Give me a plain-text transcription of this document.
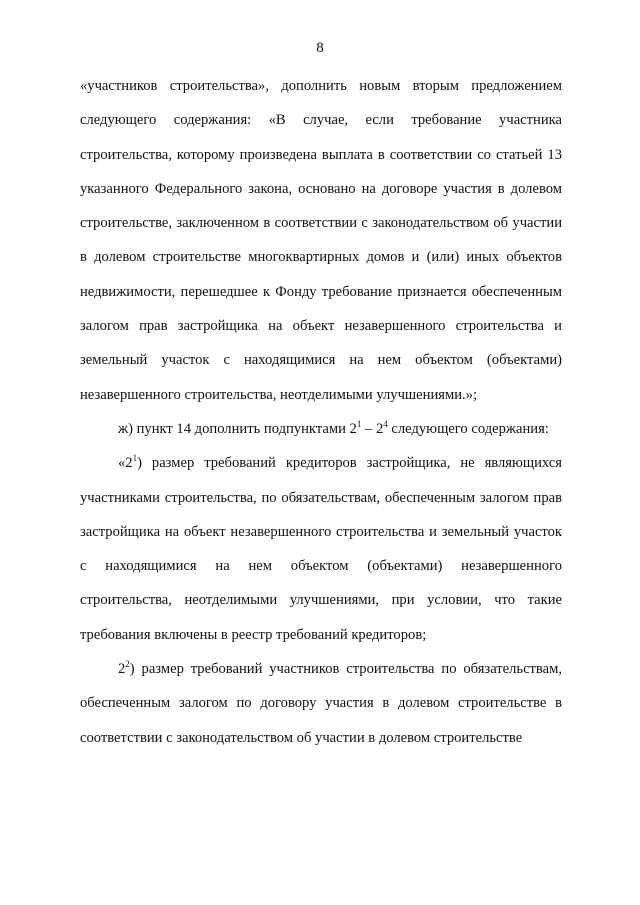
8

«участников строительства», дополнить новым вторым предложением следующего содержания: «В случае, если требование участника строительства, которому произведена выплата в соответствии со статьей 13 указанного Федерального закона, основано на договоре участия в долевом строительстве, заключенном в соответствии с законодательством об участии в долевом строительстве многоквартирных домов и (или) иных объектов недвижимости, перешедшее к Фонду требование признается обеспеченным залогом прав застройщика на объект незавершенного строительства и земельный участок с находящимися на нем объектом (объектами) незавершенного строительства, неотделимыми улучшениями.»;

ж) пункт 14 дополнить подпунктами $2^1 - 2^4$ следующего содержания:

«$2^1$) размер требований кредиторов застройщика, не являющихся участниками строительства, по обязательствам, обеспеченным залогом прав застройщика на объект незавершенного строительства и земельный участок с находящимися на нем объектом (объектами) незавершенного строительства, неотделимыми улучшениями, при условии, что такие требования включены в реестр требований кредиторов;

$2^2$) размер требований участников строительства по обязательствам, обеспеченным залогом по договору участия в долевом строительстве в соответствии с законодательством об участии в долевом строительстве
